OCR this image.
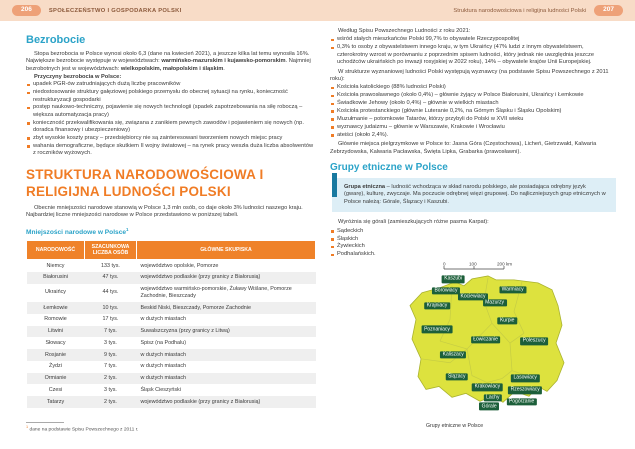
206	SPOŁECZEŃSTWO I GOSPODARKA POLSKI	Struktura narodowościowa i religijna ludności Polski	207
Bezrobocie

Stopa bezrobocia w Polsce wynosi około 6,3 (dane na kwiecień 2021), a jeszcze kilka lat temu wynosiła 16%. Największe bezrobocie występuje w województwach: warmińsko-mazurskim i kujawsko-pomorskim. Najmniej bezrobotnych jest w województwach: wielkopolskim, małopolskim i śląskim.

Przyczyny bezrobocia w Polsce:
upadek PGR-ów zatrudniających dużą liczbę pracowników
niedostosowanie struktury gałęziowej polskiego przemysłu do obecnej sytuacji na rynku, konieczność restrukturyzacji gospodarki
postęp naukowo-techniczny, pojawienie się nowych technologii (spadek zapotrzebowania na siłę roboczą – większa automatyzacja pracy)
konieczność przekwalifikowania się, związana z zanikiem pewnych zawodów i pojawieniem się nowych (np. doradca finansowy i ubezpieczeniowy)
zbyt wysokie koszty pracy – przedsiębiorcy nie są zainteresowani tworzeniem nowych miejsc pracy
wahania demograficzne, będące skutkiem II wojny światowej – na rynek pracy weszła duża liczba absolwentów z roczników wyżowych.
STRUKTURA NARODOWOŚCIOWA I RELIGIJNA LUDNOŚCI POLSKI

Obecnie mniejszości narodowe stanowią w Polsce 1,3 mln osób, co daje około 3% ludności naszego kraju. Najbardziej liczne mniejszości narodowe w Polsce przedstawiono w poniższej tabeli.

Mniejszości narodowe w Polsce$^1$
NARODOWOŚĆ	SZACUNKOWA LICZBA OSÓB	GŁÓWNE SKUPISKA
Niemcy	133 tys.	województwo opolskie, Pomorze
Białorusini	47 tys.	województwo podlaskie (przy granicy z Białorusią)
Ukraińcy	44 tys.	województwo warmińsko-pomorskie, Żuławy Wiślane, Pomorze Zachodnie, Bieszczady
Łemkowie	10 tys.	Beskid Niski, Bieszczady, Pomorze Zachodnie
Romowie	17 tys.	w dużych miastach
Litwini	7 tys.	Suwalszczyzna (przy granicy z Litwą)
Słowacy	3 tys.	Spisz (na Podhalu)
Rosjanie	9 tys.	w dużych miastach
Żydzi	7 tys.	w dużych miastach
Ormianie	2 tys.	w dużych miastach
Czesi	3 tys.	Śląsk Cieszyński
Tatarzy	2 tys.	województwo podlaskie (przy granicy z Białorusią)
$^1$ dane na podstawie Spisu Powszechnego z 2011 r.

Według Spisu Powszechnego Ludności z roku 2021:

wśród stałych mieszkańców Polski 99,7% to obywatele Rzeczypospolitej
0,3% to osoby z obywatelstwem innego kraju, w tym Ukraińcy (47% ludzi z innym obywatelstwem, czterokrotny wzrost w porównaniu z poprzednim spisem ludności, który jednak nie uwzględnia jeszcze uchodźców ukraińskich po inwazji rosyjskiej w 2022 roku), 14% – obywatele krajów Unii Europejskiej.

W strukturze wyznaniowej ludności Polski występują wyznawcy (na podstawie Spisu Powszechnego z 2011 roku):

Kościoła katolickiego (88% ludności Polski)
Kościoła prawosławnego (około 0,4%) – głównie żyjący w Polsce Białorusini, Ukraińcy i Łemkowie
Świadkowie Jehowy (około 0,4%) – głównie w wielkich miastach
Kościoła protestanckiego (głównie Luteranie 0,2%, na Górnym Śląsku i Śląsku Opolskim)
Muzułmanie – potomkowie Tatarów, którzy przybyli do Polski w XVII wieku
wyznawcy judaizmu – głównie w Warszawie, Krakowie i Wrocławiu
ateiści (około 2,4%).

Głównie miejsca pielgrzymkowe w Polsce to: Jasna Góra (Częstochowa), Licheń, Gietrzwałd, Kalwaria Zebrzydowska, Kalwaria Pacławska, Święta Lipka, Grabarka (prawosławni).

Grupy etniczne w Polsce

Grupa etniczna – ludność wchodząca w skład narodu polskiego, ale posiadająca odrębny język (gwarę), kulturę, zwyczaje. Ma poczucie odrębnej więzi grupowej. Do najliczniejszych grup etnicznych w Polsce należą: Górale, Ślązacy i Kaszubi.

Wyróżnia się górali (zamieszkujących różne pasma Karpat):

Sądeckich
Śląskich
Żywieckich
Podhalańskich.
0	100	200 km
Kaszubi
Borowiacy
Kociewiacy
Warmiacy
Mazurzy
Krajniacy
Kurpie
Poznaniacy
Łowiczanie	Poleszucy
Kaliszacy
Ślązacy
Krakowiacy
Lachy
Górale
Lasowiacy
Rzeszowiacy
Pogórzanie
Grupy etniczne w Polsce
